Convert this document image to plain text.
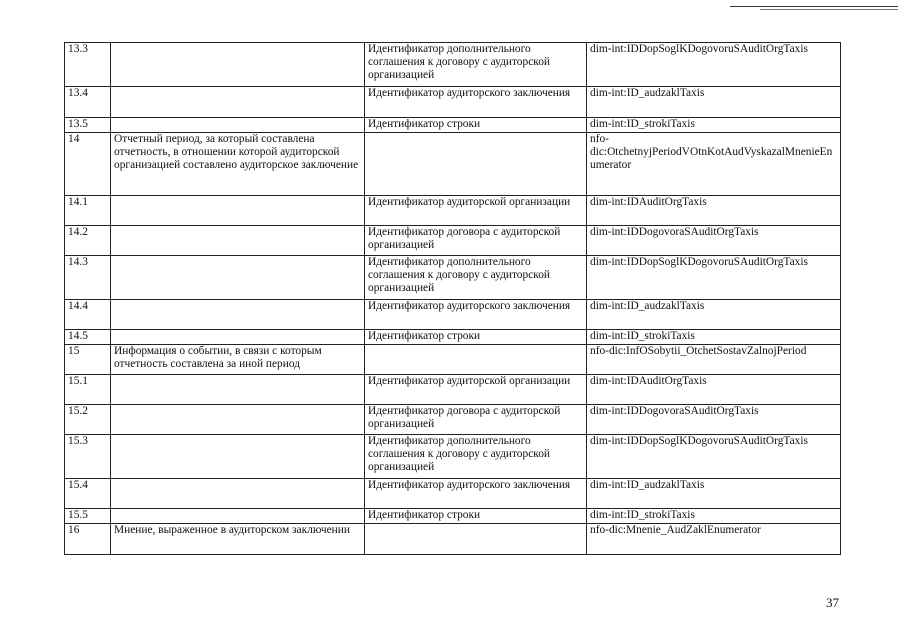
13.3		Идентификатор дополнительного соглашения к договору с аудиторской организацией	dim-int:IDDopSoglKDogovoruSAuditOrgTaxis
13.4		Идентификатор аудиторского заключения	dim-int:ID_audzaklTaxis
13.5		Идентификатор строки	dim-int:ID_strokiTaxis
14	Отчетный период, за который составлена отчетность, в отношении которой аудиторской организацией составлено аудиторское заключение		nfo-dic:OtchetnyjPeriodVOtnKotAudVyskazalMnenieEnumerator
14.1		Идентификатор аудиторской организации	dim-int:IDAuditOrgTaxis
14.2		Идентификатор договора с аудиторской организацией	dim-int:IDDogovoraSAuditOrgTaxis
14.3		Идентификатор дополнительного соглашения к договору с аудиторской организацией	dim-int:IDDopSoglKDogovoruSAuditOrgTaxis
14.4		Идентификатор аудиторского заключения	dim-int:ID_audzaklTaxis
14.5		Идентификатор строки	dim-int:ID_strokiTaxis
15	Информация о событии, в связи с которым отчетность составлена за иной период		nfo-dic:InfOSobytii_OtchetSostavZalnojPeriod
15.1		Идентификатор аудиторской организации	dim-int:IDAuditOrgTaxis
15.2		Идентификатор договора с аудиторской организацией	dim-int:IDDogovoraSAuditOrgTaxis
15.3		Идентификатор дополнительного соглашения к договору с аудиторской организацией	dim-int:IDDopSoglKDogovoruSAuditOrgTaxis
15.4		Идентификатор аудиторского заключения	dim-int:ID_audzaklTaxis
15.5		Идентификатор строки	dim-int:ID_strokiTaxis
16	Мнение, выраженное в аудиторском заключении		nfo-dic:Mnenie_AudZaklEnumerator
37
